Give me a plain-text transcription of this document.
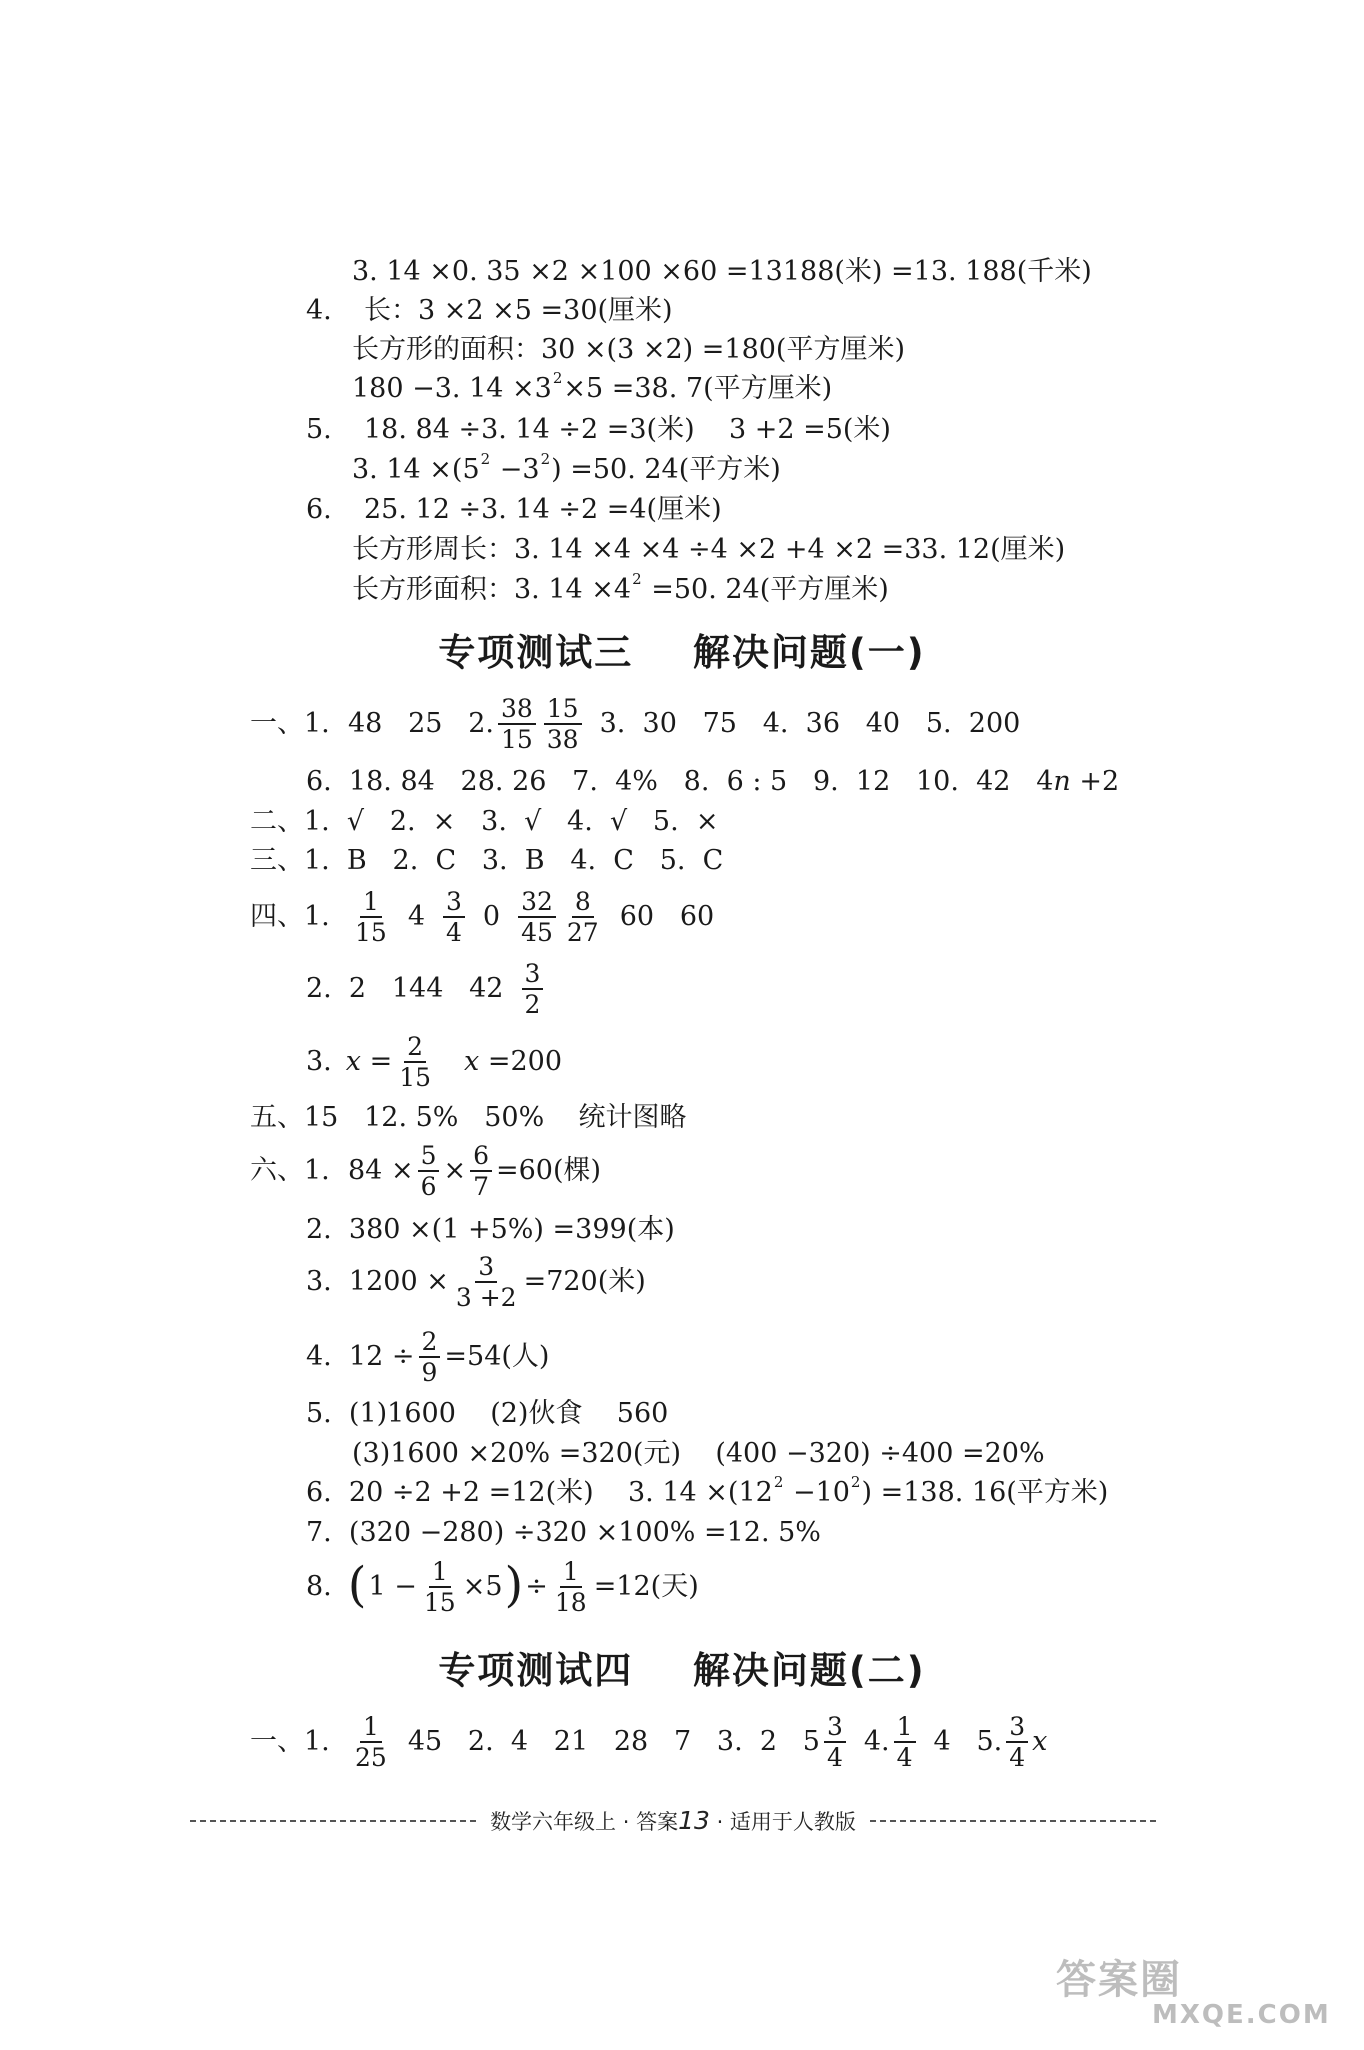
3. 14 ×0. 35 ×2 ×100 ×60 =13188(米) =13. 188(千米)
4.	长：3 ×2 ×5 =30(厘米)
长方形的面积：30 ×(3 ×2) =180(平方厘米)
180 −3. 14 ×3 2 ×5 =38. 7(平方厘米)
5.	18. 84 ÷3. 14 ÷2 =3(米)    3 +2 =5(米)
3. 14 ×(5 2 −3 2 ) =50. 24(平方米)
6.	25. 12 ÷3. 14 ÷2 =4(厘米)
长方形周长：3. 14 ×4 ×4 ÷4 ×2 +4 ×2 =33. 12(厘米)
长方形面积：3. 14 ×4 2 =50. 24(平方厘米)
专项测试三    解决问题(一)
一、1. 48   25   2. $\frac{38}{15} \frac{15}{38} 3$.  30   75   4.  36   40   5.  200
6.  18. 84   28. 26   7.  4%   8.  6 : 5   9.  12   10.  42   4 n +2
二、1.  √   2.  ×   3.  √   4.  √   5.  ×
三、1.  B   2.  C   3.  B   4.  C   5.  C
四、1. $\frac{1}{15} 4 \frac{3}{4} 0 \frac{32}{45} \frac{8}{27} 60$   60
2.  2   144   $42 \frac{3}{2}$
3. $x = \frac{2}{15}$ x =200
五、15   12. 5%   50%    统计图略
六、1. $84 \times \frac{5}{6} \times \frac{6}{7} =60$(棵)
2.  380 ×(1 +5%) =399(本)
3.  $1200 \times \frac{3}{3 +2} =720$(米)
4.  $12 \div \frac{2}{9} =54$(人)
5.  (1)1600    (2)伙食    560
(3)1600 ×20% =320(元)    (400 −320) ÷400 =20%
6.  20 ÷2 +2 =12(米)    3. 14 ×(12 2 −10 2 ) =138. 16(平方米)
7.  (320 −280) ÷320 ×100% =12. 5%
8. ( $1 - \frac{1}{15} \times 5$ ) ÷ $\frac{1}{18} =12$(天)
专项测试四    解决问题(二)
一、1. $\frac{1}{25} 45$   2.  4   21   28   7   3.  2   $5 \frac{3}{4} 4$. $\frac{1}{4} 4$   5. $\frac{3}{4}$ x
数学六年级上 · 答案13 · 适用于人教版
答案圈
MXQE.COM
